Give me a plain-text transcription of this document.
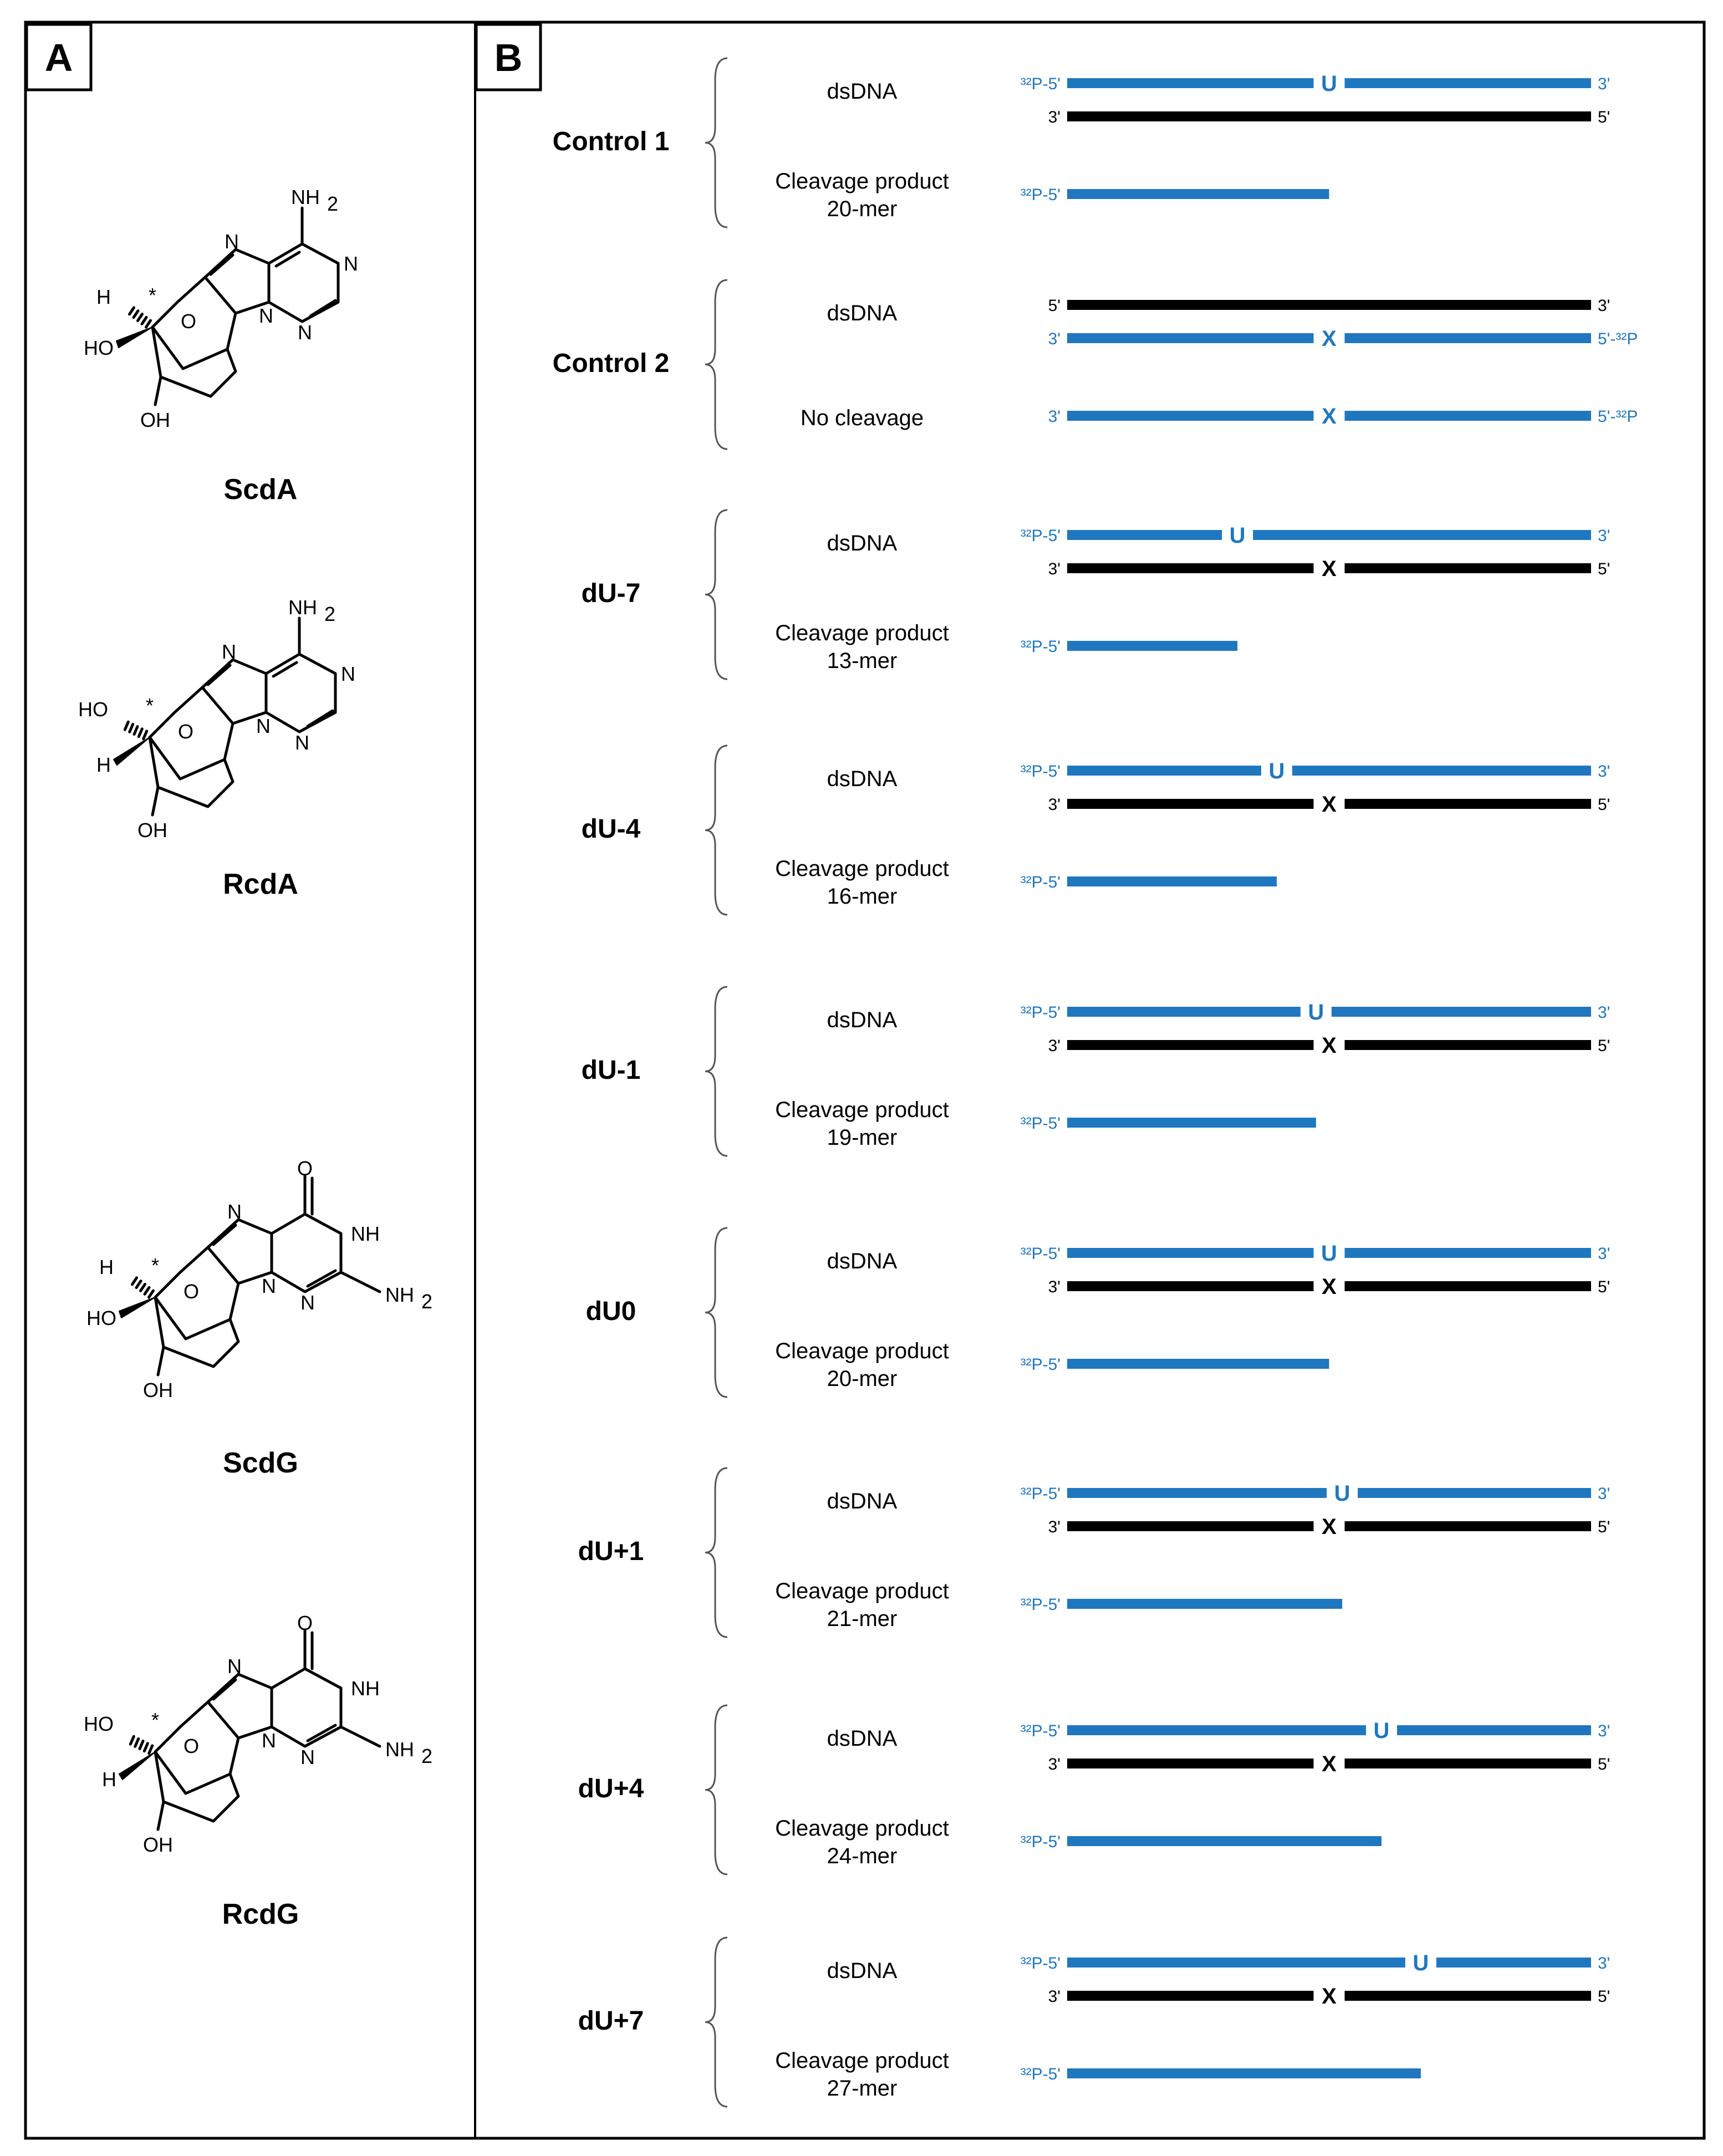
A	B
N
N
O
N
N
NH 2
OH
H
HO
*
ScdA
N
N
O
N
N
NH 2
OH
HO
H
*
RcdA
N
N
O
O
NH
N	NH 2
OH
H
HO
*
ScdG
N
N
O
O
NH
N	NH 2
OH
HO
H
*
RcdG
Control 1
dsDNA
Cleavage product
20-mer
³²P-5'	U	3'
3'	5'
³²P-5'
Control 2
dsDNA
No cleavage
5'	3'
3'	X	5'-³²P
3'	X	5'-³²P
dU-7
dsDNA
Cleavage product
13-mer
³²P-5'	U	3'
3'	X	5'
³²P-5'
dU-4
dsDNA
Cleavage product
16-mer
³²P-5'	U	3'
3'	X	5'
³²P-5'
dU-1
dsDNA
Cleavage product
19-mer
³²P-5'	U	3'
3'	X	5'
³²P-5'
dU0
dsDNA
Cleavage product
20-mer
³²P-5'	U	3'
3'	X	5'
³²P-5'
dU+1
dsDNA
Cleavage product
21-mer
³²P-5'	U	3'
3'	X	5'
³²P-5'
dU+4
dsDNA
Cleavage product
24-mer
³²P-5'	U	3'
3'	X	5'
³²P-5'
dU+7
dsDNA
Cleavage product
27-mer
³²P-5'	U	3'
3'	X	5'
³²P-5'
